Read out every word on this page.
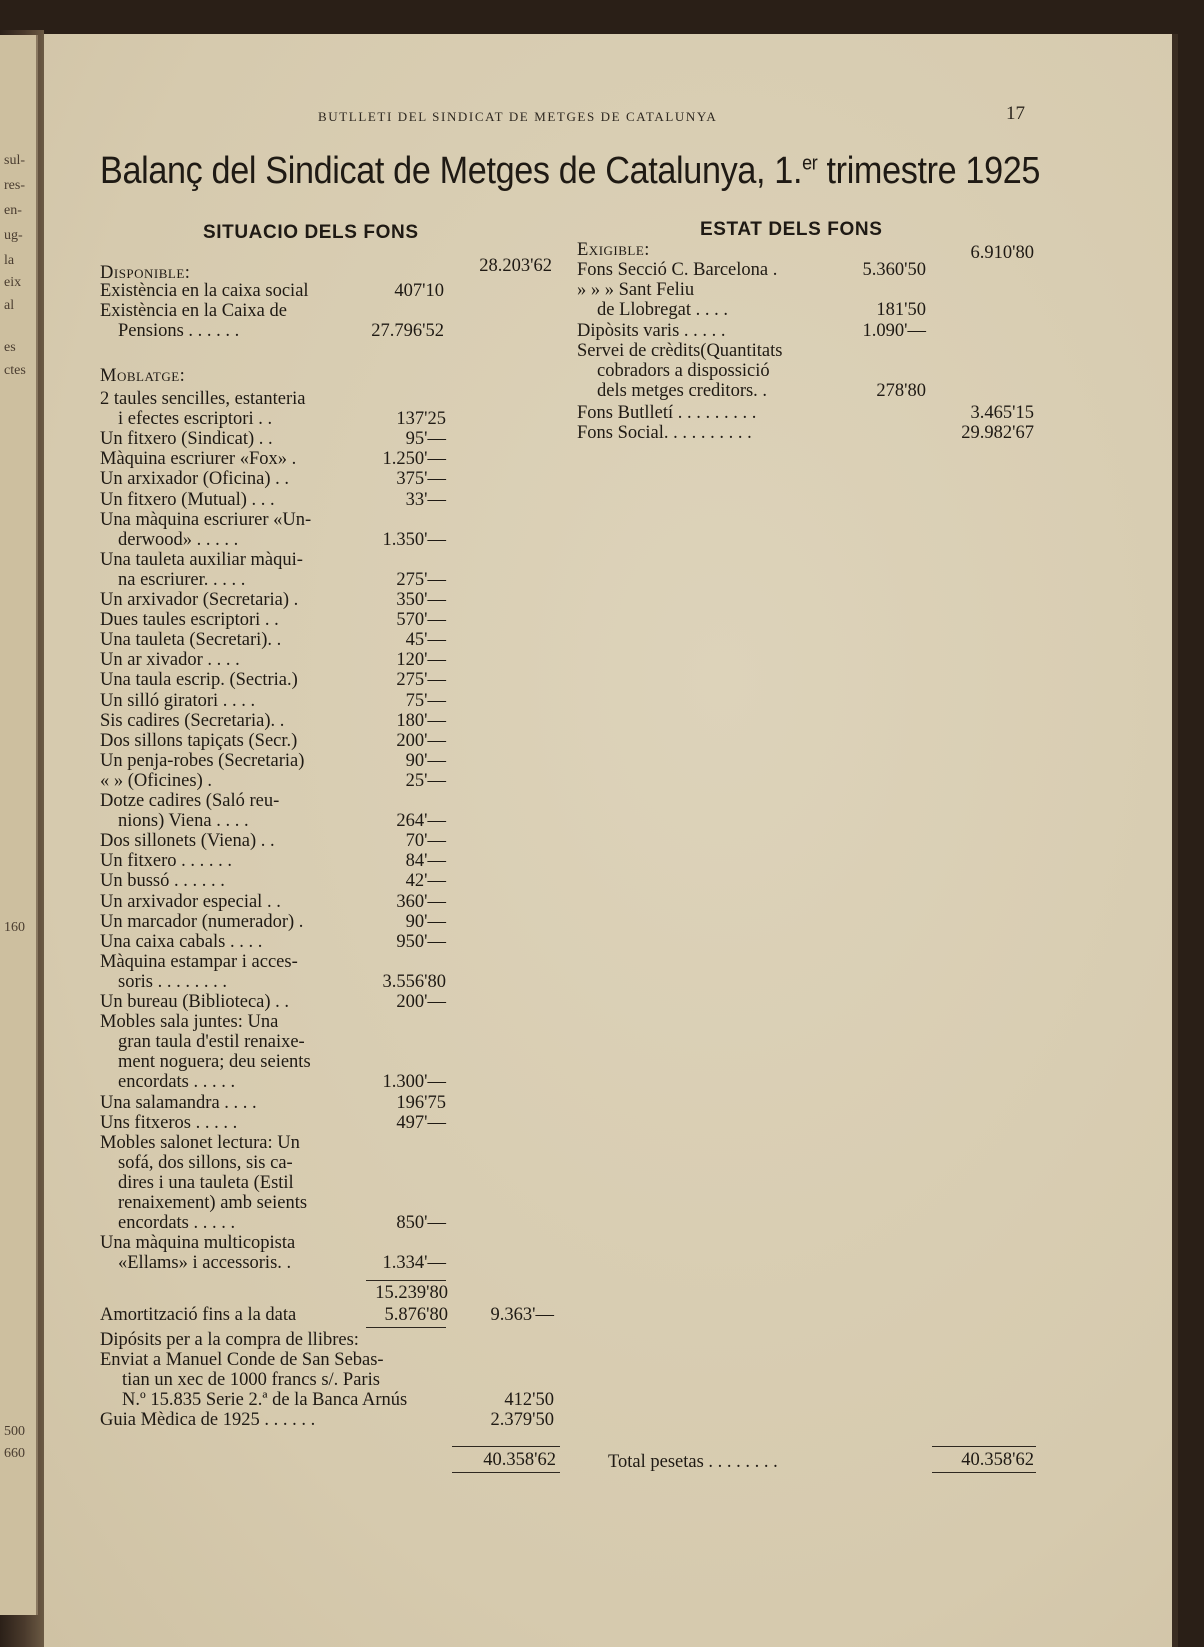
sul-
res-
en-
ug-
la
eix
al
es
ctes
160
500
660
BUTLLETI DEL SINDICAT DE METGES DE CATALUNYA	17
Balanç del Sindicat de Metges de Catalunya, 1.$^{er}$ trimestre 1925
SITUACIO DELS FONS
Disponible:	28.203'62
Existència en la caixa social	407'10
Existència en la Caixa de
Pensions . . . . . .	27.796'52
Moblatge:
2 taules sencilles, estanteria
i efectes escriptori . .	137'25
Un fitxero (Sindicat) . .	95'—
Màquina escriurer «Fox» .	1.250'—
Un arxixador (Oficina) . .	375'—
Un fitxero (Mutual) . . .	33'—
Una màquina escriurer «Un-
derwood» . . . . .	1.350'—
Una tauleta auxiliar màqui-
na escriurer. . . . .	275'—
Un arxivador (Secretaria) .	350'—
Dues taules escriptori . .	570'—
Una tauleta (Secretari). .	45'—
Un ar xivador . . . .	120'—
Una taula escrip. (Sectria.)	275'—
Un silló giratori . . . .	75'—
Sis cadires (Secretaria). .	180'—
Dos sillons tapiçats (Secr.)	200'—
Un penja-robes (Secretaria)	90'—
« » (Oficines) .	25'—
Dotze cadires (Saló reu-
nions) Viena . . . .	264'—
Dos sillonets (Viena) . .	70'—
Un fitxero . . . . . .	84'—
Un bussó . . . . . .	42'—
Un arxivador especial . .	360'—
Un marcador (numerador) .	90'—
Una caixa cabals . . . .	950'—
Màquina estampar i acces-
soris . . . . . . . .	3.556'80
Un bureau (Biblioteca) . .	200'—
Mobles sala juntes: Una
gran taula d'estil renaixe-
ment noguera; deu seients
encordats . . . . .	1.300'—
Una salamandra . . . .	196'75
Uns fitxeros . . . . .	497'—
Mobles salonet lectura: Un
sofá, dos sillons, sis ca-
dires i una tauleta (Estil
renaixement) amb seients
encordats . . . . .	850'—
Una màquina multicopista
«Ellams» i accessoris. .	1.334'—
15.239'80
Amortització fins a la data	5.876'80	9.363'—
Dipósits per a la compra de llibres:
Enviat a Manuel Conde de San Sebas-
tian un xec de 1000 francs s/. Paris
N.º 15.835 Serie 2.ª de la Banca Arnús	412'50
Guia Mèdica de 1925 . . . . . .	2.379'50
40.358'62
ESTAT DELS FONS
Exigible:	6.910'80
Fons Secció C. Barcelona .	5.360'50
» » » Sant Feliu
de Llobregat . . . .	181'50
Dipòsits varis . . . . .	1.090'—
Servei de crèdits(Quantitats
cobradors a dispossició
dels metges creditors. .	278'80
Fons Butlletí . . . . . . . . .	3.465'15
Fons Social. . . . . . . . . .	29.982'67
Total pesetas . . . . . . . .	40.358'62
